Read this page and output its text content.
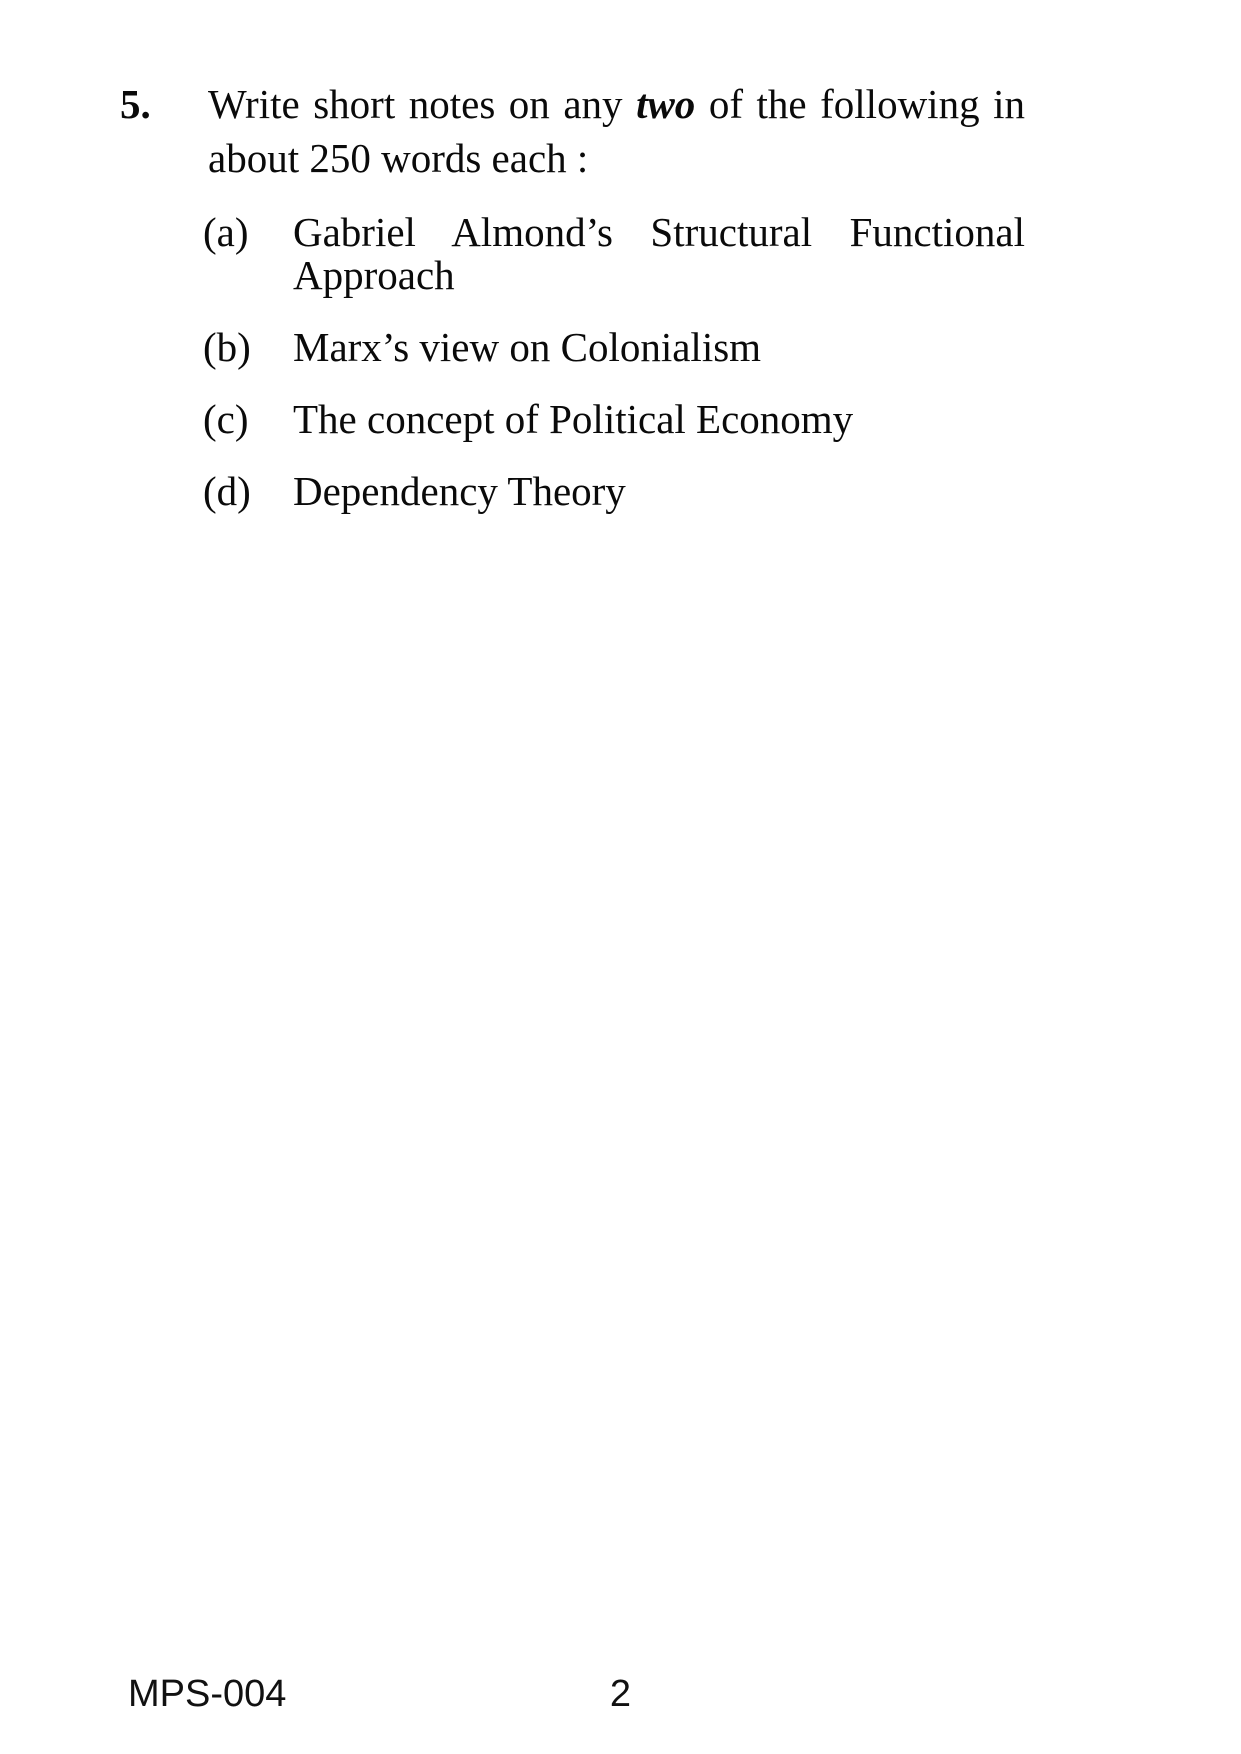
5.	Write short notes on any two of the following in about 250 words each :
(a)	Gabriel Almond’s Structural Functional Approach
(b)	Marx’s view on Colonialism
(c)	The concept of Political Economy
(d)	Dependency Theory
MPS-004	2
